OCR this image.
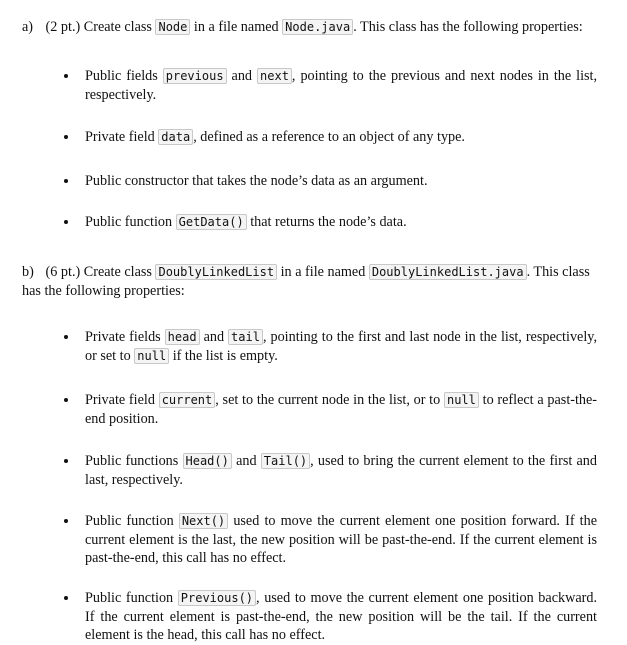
a) (2 pt.) Create class Node in a file named Node.java . This class has the following properties:
Public fields previous and next , pointing to the previous and next nodes in the list, respectively.
Private field data , defined as a reference to an object of any type.
Public constructor that takes the node’s data as an argument.
Public function GetData() that returns the node’s data.
b) (6 pt.) Create class DoublyLinkedList in a file named DoublyLinkedList.java . This class has the following properties:
Private fields head and tail , pointing to the first and last node in the list, respectively, or set to null if the list is empty.
Private field current , set to the current node in the list, or to null to reflect a past-the-end position.
Public functions Head() and Tail() , used to bring the current element to the first and last, respectively.
Public function Next() used to move the current element one position forward. If the current element is the last, the new position will be past-the-end. If the current element is past-the-end, this call has no effect.
Public function Previous() , used to move the current element one position backward. If the current element is past-the-end, the new position will be the tail. If the current element is the head, this call has no effect.
